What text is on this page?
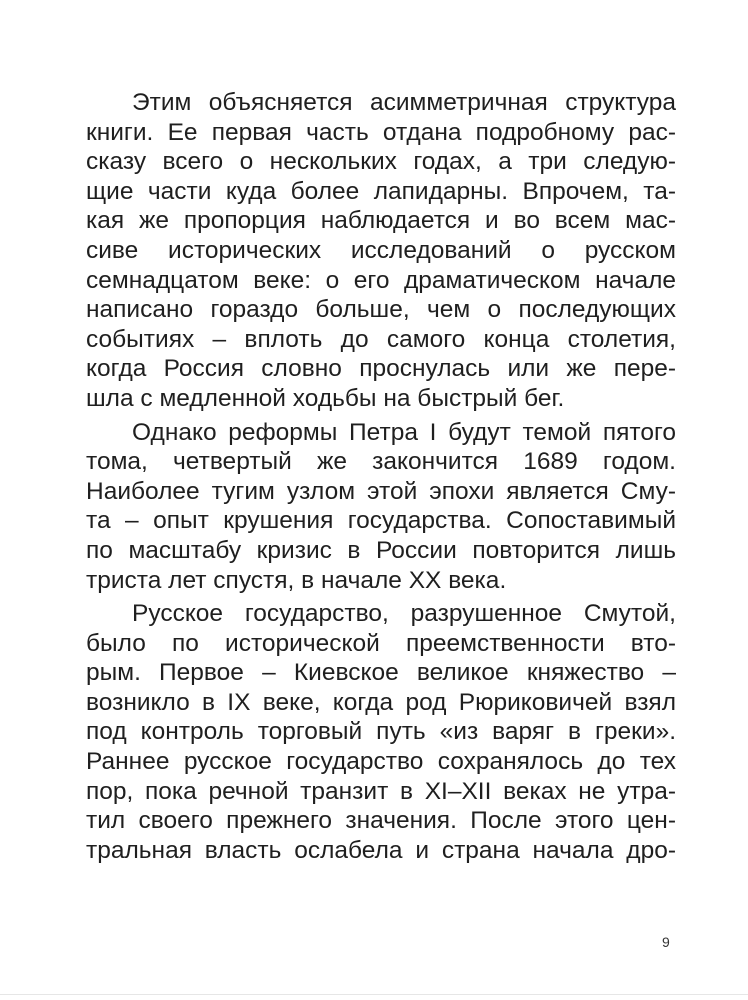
Этим объясняется асимметричная структура
книги. Ее первая часть отдана подробному рас-
сказу всего о нескольких годах, а три следую-
щие части куда более лапидарны. Впрочем, та-
кая же пропорция наблюдается и во всем мас-
сиве исторических исследований о русском
семнадцатом веке: о его драматическом начале
написано гораздо больше, чем о последующих
событиях – вплоть до самого конца столетия,
когда Россия словно проснулась или же пере-
шла с медленной ходьбы на быстрый бег.

Однако реформы Петра I будут темой пятого
тома, четвертый же закончится 1689 годом.
Наиболее тугим узлом этой эпохи является Сму-
та – опыт крушения государства. Сопоставимый
по масштабу кризис в России повторится лишь
триста лет спустя, в начале XX века.

Русское государство, разрушенное Смутой,
было по исторической преемственности вто-
рым. Первое – Киевское великое княжество –
возникло в IX веке, когда род Рюриковичей взял
под контроль торговый путь «из варяг в греки».
Раннее русское государство сохранялось до тех
пор, пока речной транзит в XI–XII веках не утра-
тил своего прежнего значения. После этого цен-
тральная власть ослабела и страна начала дро-

9
